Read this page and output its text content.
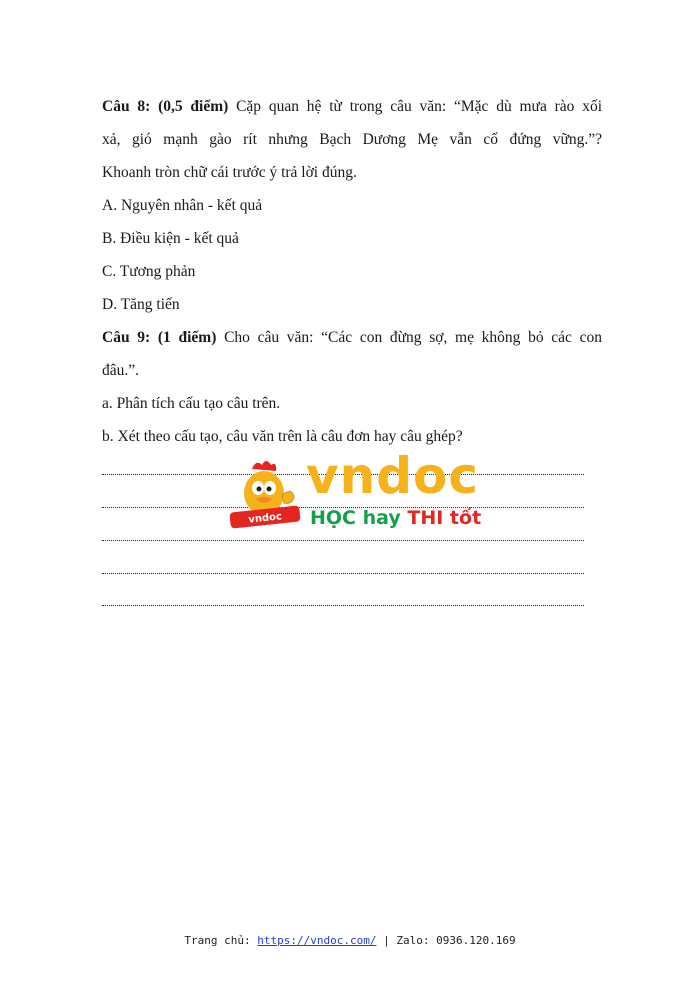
Câu 8: (0,5 điểm) Cặp quan hệ từ trong câu văn: “Mặc dù mưa rào xối
xả, gió mạnh gào rít nhưng Bạch Dương Mẹ vẫn cố đứng vững.”?
Khoanh tròn chữ cái trước ý trả lời đúng.
A. Nguyên nhân - kết quả
B. Điều kiện - kết quả
C. Tương phản
D. Tăng tiến
Câu 9: (1 điểm) Cho câu văn: “Các con đừng sợ, mẹ không bỏ các con
đâu.”.
a. Phân tích cấu tạo câu trên.
b. Xét theo cấu tạo, câu văn trên là câu đơn hay câu ghép?
vndoc
vndoc
HỌC hay THI tốt
Trang chủ: https://vndoc.com/ | Zalo: 0936.120.169
